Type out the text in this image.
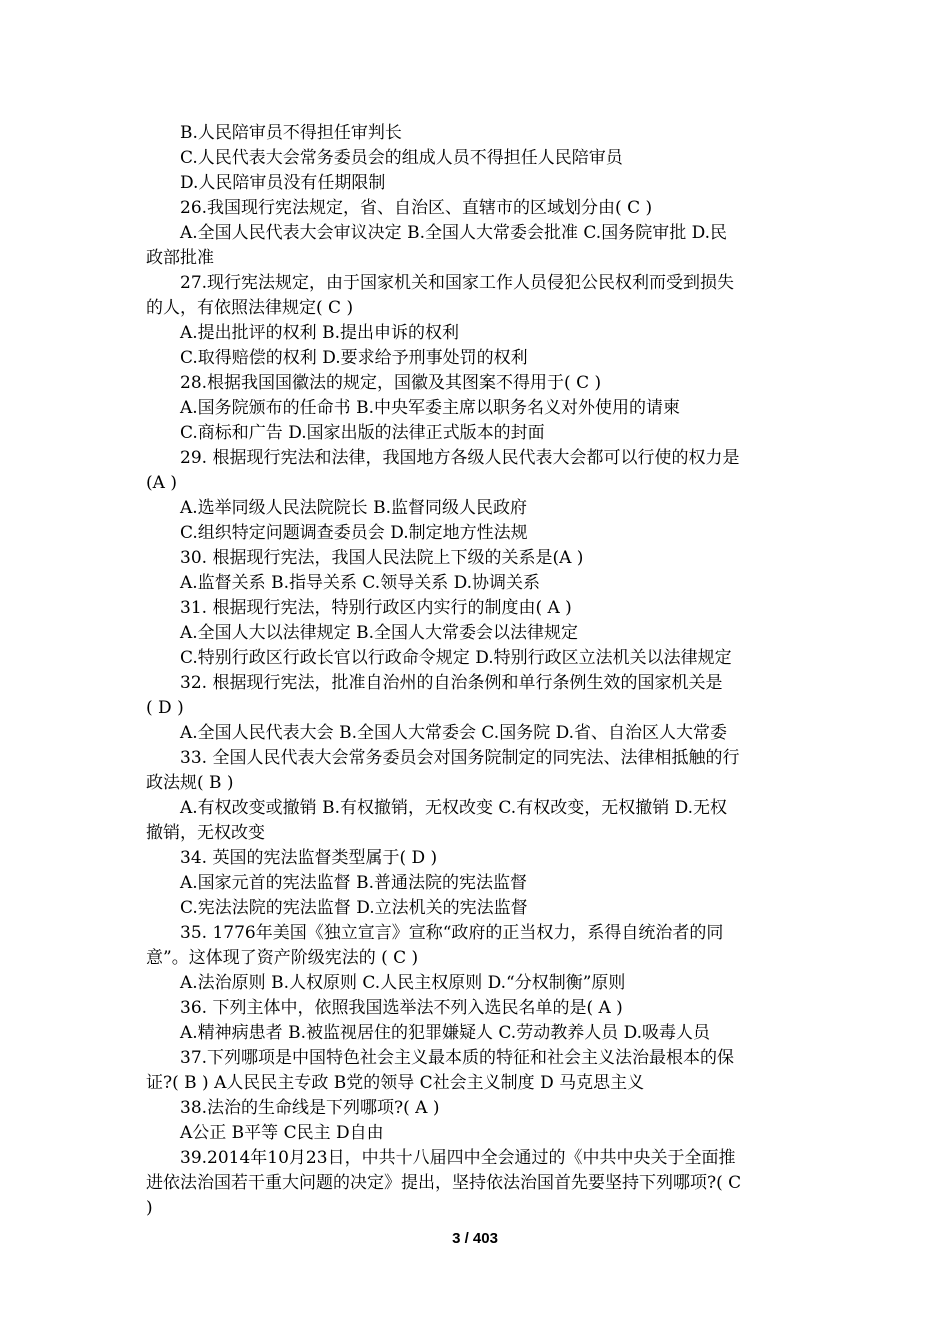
B.人民陪审员不得担任审判长
C.人民代表大会常务委员会的组成人员不得担任人民陪审员
D.人民陪审员没有任期限制
26.我国现行宪法规定，省、自治区、直辖市的区域划分由( C )
A.全国人民代表大会审议决定 B.全国人大常委会批准 C.国务院审批 D.民
政部批准
27.现行宪法规定，由于国家机关和国家工作人员侵犯公民权利而受到损失
的人，有依照法律规定( C )
A.提出批评的权利 B.提出申诉的权利
C.取得赔偿的权利 D.要求给予刑事处罚的权利
28.根据我国国徽法的规定，国徽及其图案不得用于( C )
A.国务院颁布的任命书 B.中央军委主席以职务名义对外使用的请柬
C.商标和广告 D.国家出版的法律正式版本的封面
29. 根据现行宪法和法律，我国地方各级人民代表大会都可以行使的权力是
(A )
A.选举同级人民法院院长 B.监督同级人民政府
C.组织特定问题调查委员会 D.制定地方性法规
30. 根据现行宪法，我国人民法院上下级的关系是(A )
A.监督关系 B.指导关系 C.领导关系 D.协调关系
31. 根据现行宪法，特别行政区内实行的制度由( A )
A.全国人大以法律规定 B.全国人大常委会以法律规定
C.特别行政区行政长官以行政命令规定 D.特别行政区立法机关以法律规定
32. 根据现行宪法，批准自治州的自治条例和单行条例生效的国家机关是
( D )
A.全国人民代表大会 B.全国人大常委会 C.国务院 D.省、自治区人大常委
33. 全国人民代表大会常务委员会对国务院制定的同宪法、法律相抵触的行
政法规( B )
A.有权改变或撤销 B.有权撤销，无权改变 C.有权改变，无权撤销 D.无权
撤销，无权改变
34. 英国的宪法监督类型属于( D )
A.国家元首的宪法监督 B.普通法院的宪法监督
C.宪法法院的宪法监督 D.立法机关的宪法监督
35. 1776年美国《独立宣言》宣称“政府的正当权力，系得自统治者的同
意”。这体现了资产阶级宪法的 ( C )
A.法治原则 B.人权原则 C.人民主权原则 D.“分权制衡”原则
36. 下列主体中，依照我国选举法不列入选民名单的是( A )
A.精神病患者 B.被监视居住的犯罪嫌疑人 C.劳动教养人员 D.吸毒人员
37.下列哪项是中国特色社会主义最本质的特征和社会主义法治最根本的保
证?( B ) A人民民主专政 B党的领导 C社会主义制度 D 马克思主义
38.法治的生命线是下列哪项?( A )
A公正 B平等 C民主 D自由
39.2014年10月23日，中共十八届四中全会通过的《中共中央关于全面推
进依法治国若干重大问题的决定》提出，坚持依法治国首先要坚持下列哪项?( C
)
3 / 403
